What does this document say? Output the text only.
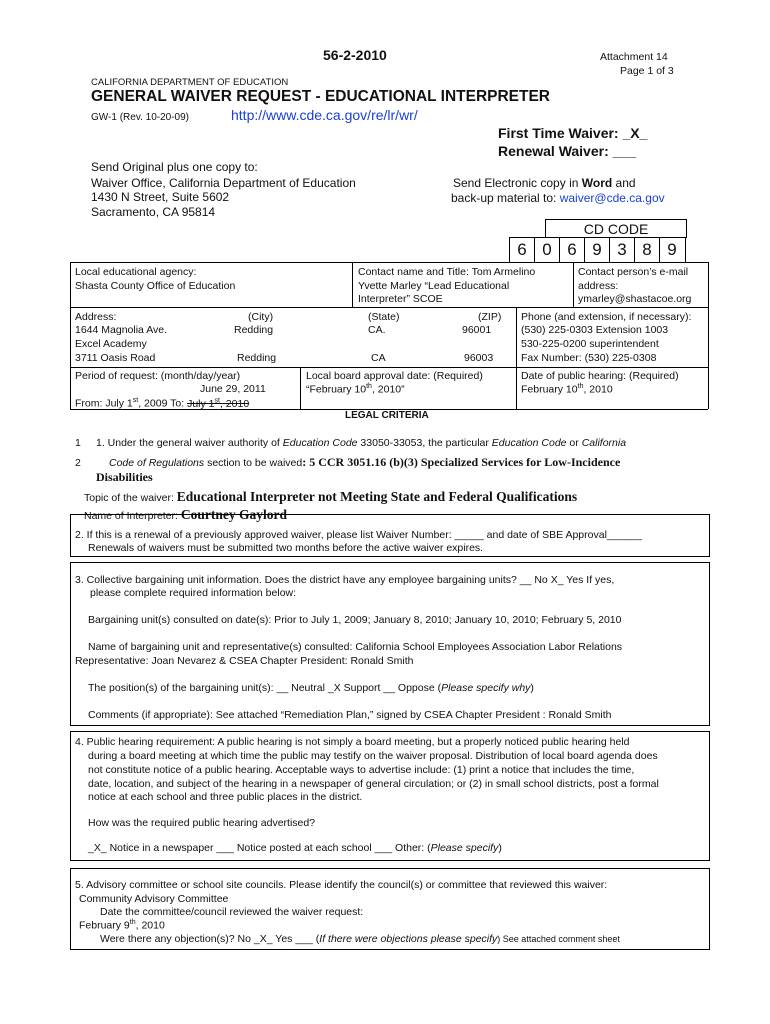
56-2-2010	Attachment 14
Page 1 of 3
CALIFORNIA DEPARTMENT OF EDUCATION
GENERAL WAIVER REQUEST - EDUCATIONAL INTERPRETER
GW-1 (Rev. 10-20-09)	http://www.cde.ca.gov/re/lr/wr/
First Time Waiver: _X_
Renewal Waiver: ___
Send Original plus one copy to:
Waiver Office, California Department of Education
1430 N Street, Suite 5602
Sacramento, CA 95814
Send Electronic copy in Word and
back-up material to: waiver@cde.ca.gov
CD CODE
6 0 6 9 3 8 9
Local educational agency:
Shasta County Office of Education
Contact name and Title: Tom Armelino
Yvette Marley “Lead Educational
Interpreter” SCOE
Contact person’s e-mail
address:
ymarley@shastacoe.org
Address:	(City)	(State)	(ZIP)
1644 Magnolia Ave.	Redding	CA.	96001
Excel Academy
3711 Oasis Road	Redding	CA	96003
Phone (and extension, if necessary):
(530) 225-0303 Extension 1003
530-225-0200 superintendent
Fax Number: (530) 225-0308
Period of request: (month/day/year)
June 29, 2011
From: July 1st, 2009 To: July 1st, 2010
Local board approval date: (Required)
“February 10th, 2010”
Date of public hearing: (Required)
February 10th, 2010
LEGAL CRITERIA
1 1. Under the general waiver authority of Education Code 33050-33053, the particular Education Code or California
2	Code of Regulations section to be waived: 5 CCR 3051.16 (b)(3) Specialized Services for Low-Incidence
Disabilities
Topic of the waiver: Educational Interpreter not Meeting State and Federal Qualifications
Name of Interpreter: Courtney Gaylord
2. If this is a renewal of a previously approved waiver, please list Waiver Number: _____ and date of SBE Approval______
Renewals of waivers must be submitted two months before the active waiver expires.
3. Collective bargaining unit information. Does the district have any employee bargaining units? __ No X_ Yes If yes,
please complete required information below:
Bargaining unit(s) consulted on date(s): Prior to July 1, 2009; January 8, 2010; January 10, 2010; February 5, 2010
Name of bargaining unit and representative(s) consulted: California School Employees Association Labor Relations
Representative: Joan Nevarez & CSEA Chapter President: Ronald Smith
The position(s) of the bargaining unit(s): __ Neutral _X Support __ Oppose (Please specify why)
Comments (if appropriate): See attached “Remediation Plan,” signed by CSEA Chapter President : Ronald Smith
4. Public hearing requirement: A public hearing is not simply a board meeting, but a properly noticed public hearing held
during a board meeting at which time the public may testify on the waiver proposal. Distribution of local board agenda does
not constitute notice of a public hearing. Acceptable ways to advertise include: (1) print a notice that includes the time,
date, location, and subject of the hearing in a newspaper of general circulation; or (2) in small school districts, post a formal
notice at each school and three public places in the district.
How was the required public hearing advertised?
_X_ Notice in a newspaper ___ Notice posted at each school ___ Other: (Please specify)
5. Advisory committee or school site councils. Please identify the council(s) or committee that reviewed this waiver:
Community Advisory Committee
Date the committee/council reviewed the waiver request:
February 9th, 2010
Were there any objection(s)? No _X_ Yes ___ (If there were objections please specify) See attached comment sheet
